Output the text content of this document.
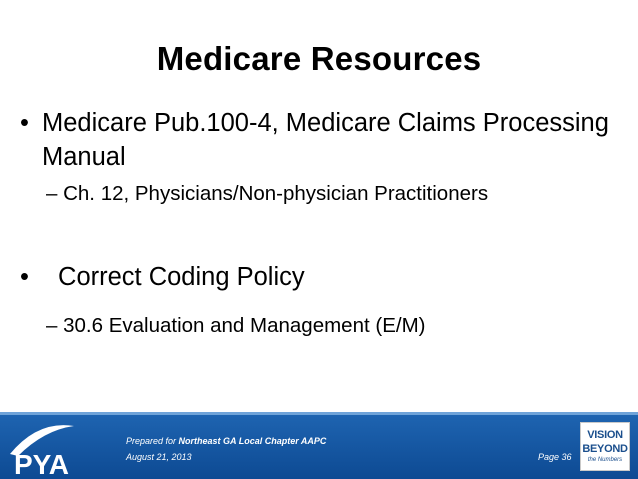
Medicare Resources
• Medicare Pub.100-4, Medicare Claims Processing Manual
– Ch. 12, Physicians/Non-physician Practitioners
• Correct Coding Policy
– 30.6 Evaluation and Management (E/M)
PYA
Prepared for Northeast GA Local Chapter AAPC
August 21, 2013	Page 36
VISION
BEYOND
the Numbers
